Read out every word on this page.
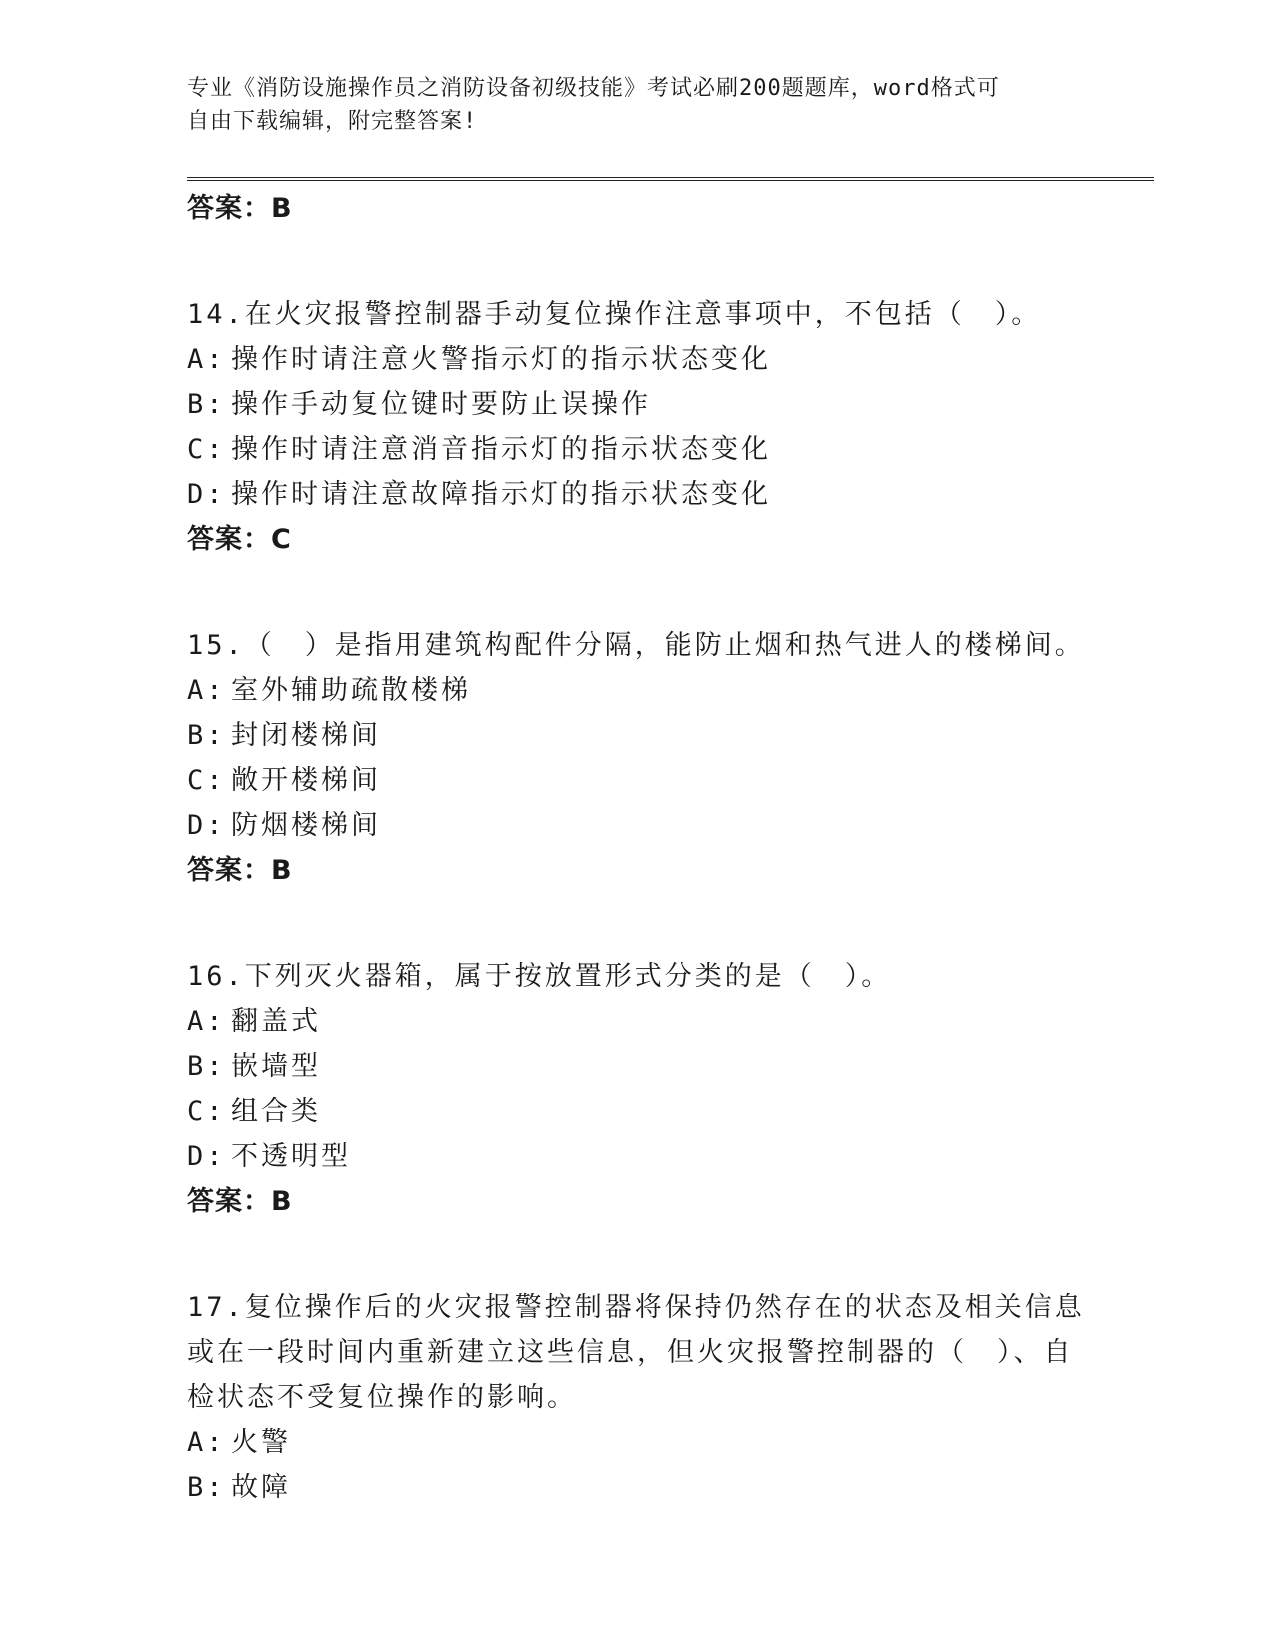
专业《消防设施操作员之消防设备初级技能》考试必刷200题题库，word格式可
自由下载编辑，附完整答案!
答案：B
14.在火灾报警控制器手动复位操作注意事项中，不包括（　）。
A: 操作时请注意火警指示灯的指示状态变化
B: 操作手动复位键时要防止误操作
C: 操作时请注意消音指示灯的指示状态变化
D: 操作时请注意故障指示灯的指示状态变化
答案：C
15.（　）是指用建筑构配件分隔，能防止烟和热气进人的楼梯间。
A: 室外辅助疏散楼梯
B: 封闭楼梯间
C: 敞开楼梯间
D: 防烟楼梯间
答案：B
16.下列灭火器箱，属于按放置形式分类的是（　）。
A: 翻盖式
B: 嵌墙型
C: 组合类
D: 不透明型
答案：B
17.复位操作后的火灾报警控制器将保持仍然存在的状态及相关信息或在一段时间内重新建立这些信息，但火灾报警控制器的（　）、自检状态不受复位操作的影响。
A: 火警
B: 故障
